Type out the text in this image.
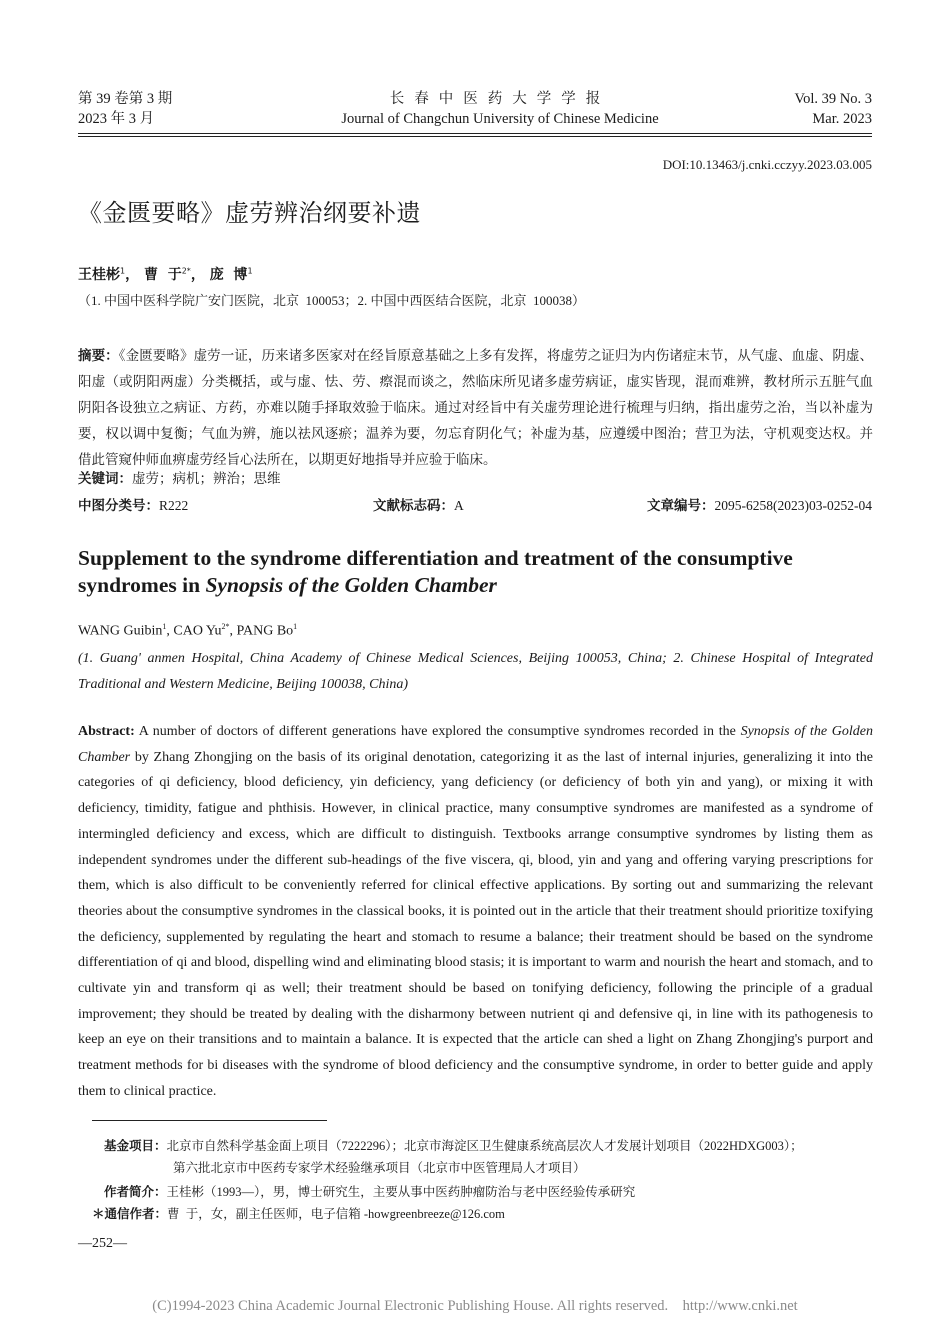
第 39 卷第 3 期
2023 年 3 月
长春中医药大学学报
Journal of Changchun University of Chinese Medicine
Vol. 39 No. 3
Mar. 2023
DOI:10.13463/j.cnki.cczyy.2023.03.005
《金匮要略》虚劳辨治纲要补遗
王桂彬$^1$， 曹  于$^{2*}$， 庞  博$^1$
（1. 中国中医科学院广安门医院，北京  100053；2. 中国中西医结合医院，北京  100038）
摘要：《金匮要略》虚劳一证，历来诸多医家对在经旨原意基础之上多有发挥，将虚劳之证归为内伤诸症末节，从气虚、血虚、阴虚、阳虚（或阴阳两虚）分类概括，或与虚、怯、劳、瘵混而谈之，然临床所见诸多虚劳病证，虚实皆现，混而难辨，教材所示五脏气血阴阳各设独立之病证、方药，亦难以随手择取效验于临床。通过对经旨中有关虚劳理论进行梳理与归纳，指出虚劳之治，当以补虚为要，权以调中复衡；气血为辨，施以祛风逐瘀；温养为要，勿忘育阴化气；补虚为基，应遵缓中图治；营卫为法，守机观变达权。并借此管窥仲师血痹虚劳经旨心法所在，以期更好地指导并应验于临床。
关键词：虚劳；病机；辨治；思维
中图分类号：R222	文献标志码：A	文章编号：2095-6258(2023)03-0252-04
Supplement to the syndrome differentiation and treatment of the consumptive syndromes in Synopsis of the Golden Chamber
WANG Guibin$^1$, CAO $Yu^{2*}$, PANG Bo$^1$
(1. Guang' anmen Hospital, China Academy of Chinese Medical Sciences, Beijing 100053, China; 2. Chinese Hospital of Integrated Traditional and Western Medicine, Beijing 100038, China)
Abstract: A number of doctors of different generations have explored the consumptive syndromes recorded in the Synopsis of the Golden Chamber by Zhang Zhongjing on the basis of its original denotation, categorizing it as the last of internal injuries, generalizing it into the categories of qi deficiency, blood deficiency, yin deficiency, yang deficiency (or deficiency of both yin and yang), or mixing it with deficiency, timidity, fatigue and phthisis. However, in clinical practice, many consumptive syndromes are manifested as a syndrome of intermingled deficiency and excess, which are difficult to distinguish. Textbooks arrange consumptive syndromes by listing them as independent syndromes under the different sub-headings of the five viscera, qi, blood, yin and yang and offering varying prescriptions for them, which is also difficult to be conveniently referred for clinical effective applications. By sorting out and summarizing the relevant theories about the consumptive syndromes in the classical books, it is pointed out in the article that their treatment should prioritize toxifying the deficiency, supplemented by regulating the heart and stomach to resume a balance; their treatment should be based on the syndrome differentiation of qi and blood, dispelling wind and eliminating blood stasis; it is important to warm and nourish the heart and stomach, and to cultivate yin and transform qi as well; their treatment should be based on tonifying deficiency, following the principle of a gradual improvement; they should be treated by dealing with the disharmony between nutrient qi and defensive qi, in line with its pathogenesis to keep an eye on their transitions and to maintain a balance. It is expected that the article can shed a light on Zhang Zhongjing's purport and treatment methods for bi diseases with the syndrome of blood deficiency and the consumptive syndrome, in order to better guide and apply them to clinical practice.
基金项目：北京市自然科学基金面上项目（7222296）；北京市海淀区卫生健康系统高层次人才发展计划项目（2022HDXG003）；
第六批北京市中医药专家学术经验继承项目（北京市中医管理局人才项目）
作者简介：王桂彬（1993—），男，博士研究生，主要从事中医药肿瘤防治与老中医经验传承研究
＊通信作者：曹  于，女，副主任医师，电子信箱 -howgreenbreeze@126.com
—252—
(C)1994-2023 China Academic Journal Electronic Publishing House. All rights reserved.    http://www.cnki.net
